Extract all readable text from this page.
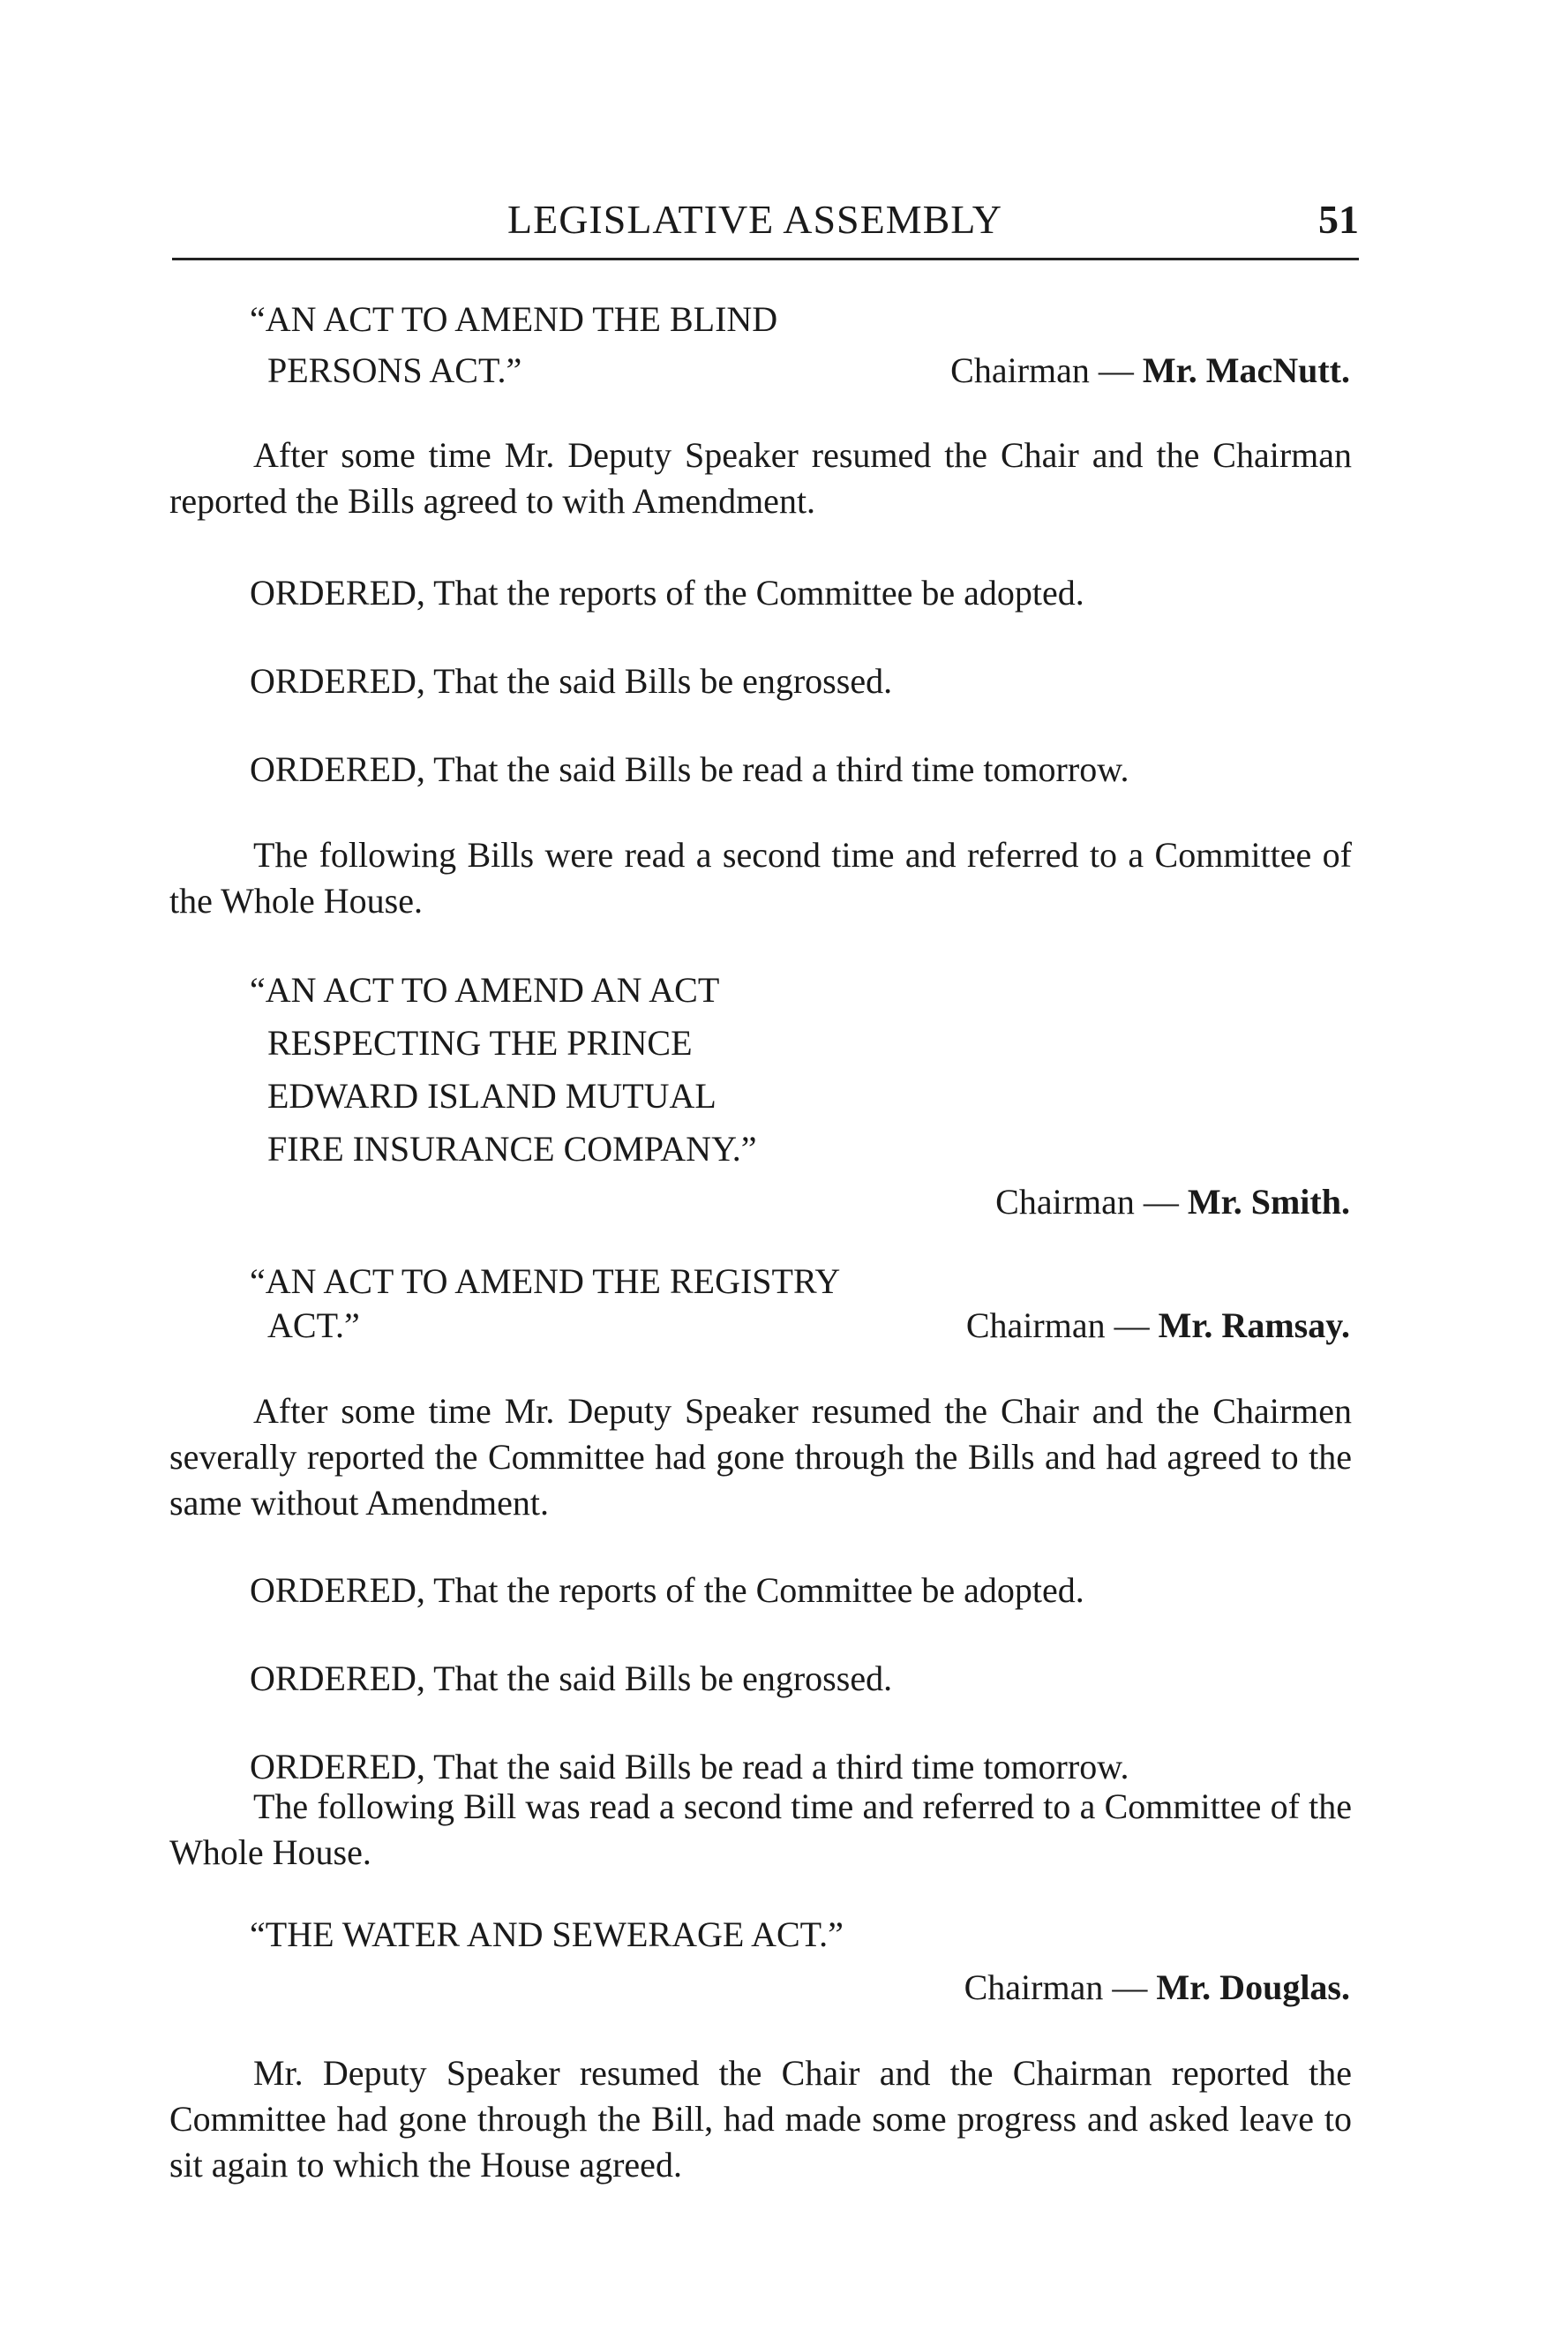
LEGISLATIVE ASSEMBLY	51
“AN ACT TO AMEND THE BLIND
PERSONS ACT.”	Chairman — Mr. MacNutt.
After some time Mr. Deputy Speaker resumed the Chair and the Chairman reported the Bills agreed to with Amendment.
ORDERED, That the reports of the Committee be adopted.
ORDERED, That the said Bills be engrossed.
ORDERED, That the said Bills be read a third time tomorrow.
The following Bills were read a second time and referred to a Committee of the Whole House.
“AN ACT TO AMEND AN ACT
RESPECTING THE PRINCE
EDWARD ISLAND MUTUAL
FIRE INSURANCE COMPANY.”
Chairman — Mr. Smith.
“AN ACT TO AMEND THE REGISTRY
ACT.”	Chairman — Mr. Ramsay.
After some time Mr. Deputy Speaker resumed the Chair and the Chairmen severally reported the Committee had gone through the Bills and had agreed to the same without Amendment.
ORDERED, That the reports of the Committee be adopted.
ORDERED, That the said Bills be engrossed.
ORDERED, That the said Bills be read a third time tomorrow.
The following Bill was read a second time and referred to a Committee of the Whole House.
“THE WATER AND SEWERAGE ACT.”
Chairman — Mr. Douglas.
Mr. Deputy Speaker resumed the Chair and the Chairman reported the Committee had gone through the Bill, had made some progress and asked leave to sit again to which the House agreed.
